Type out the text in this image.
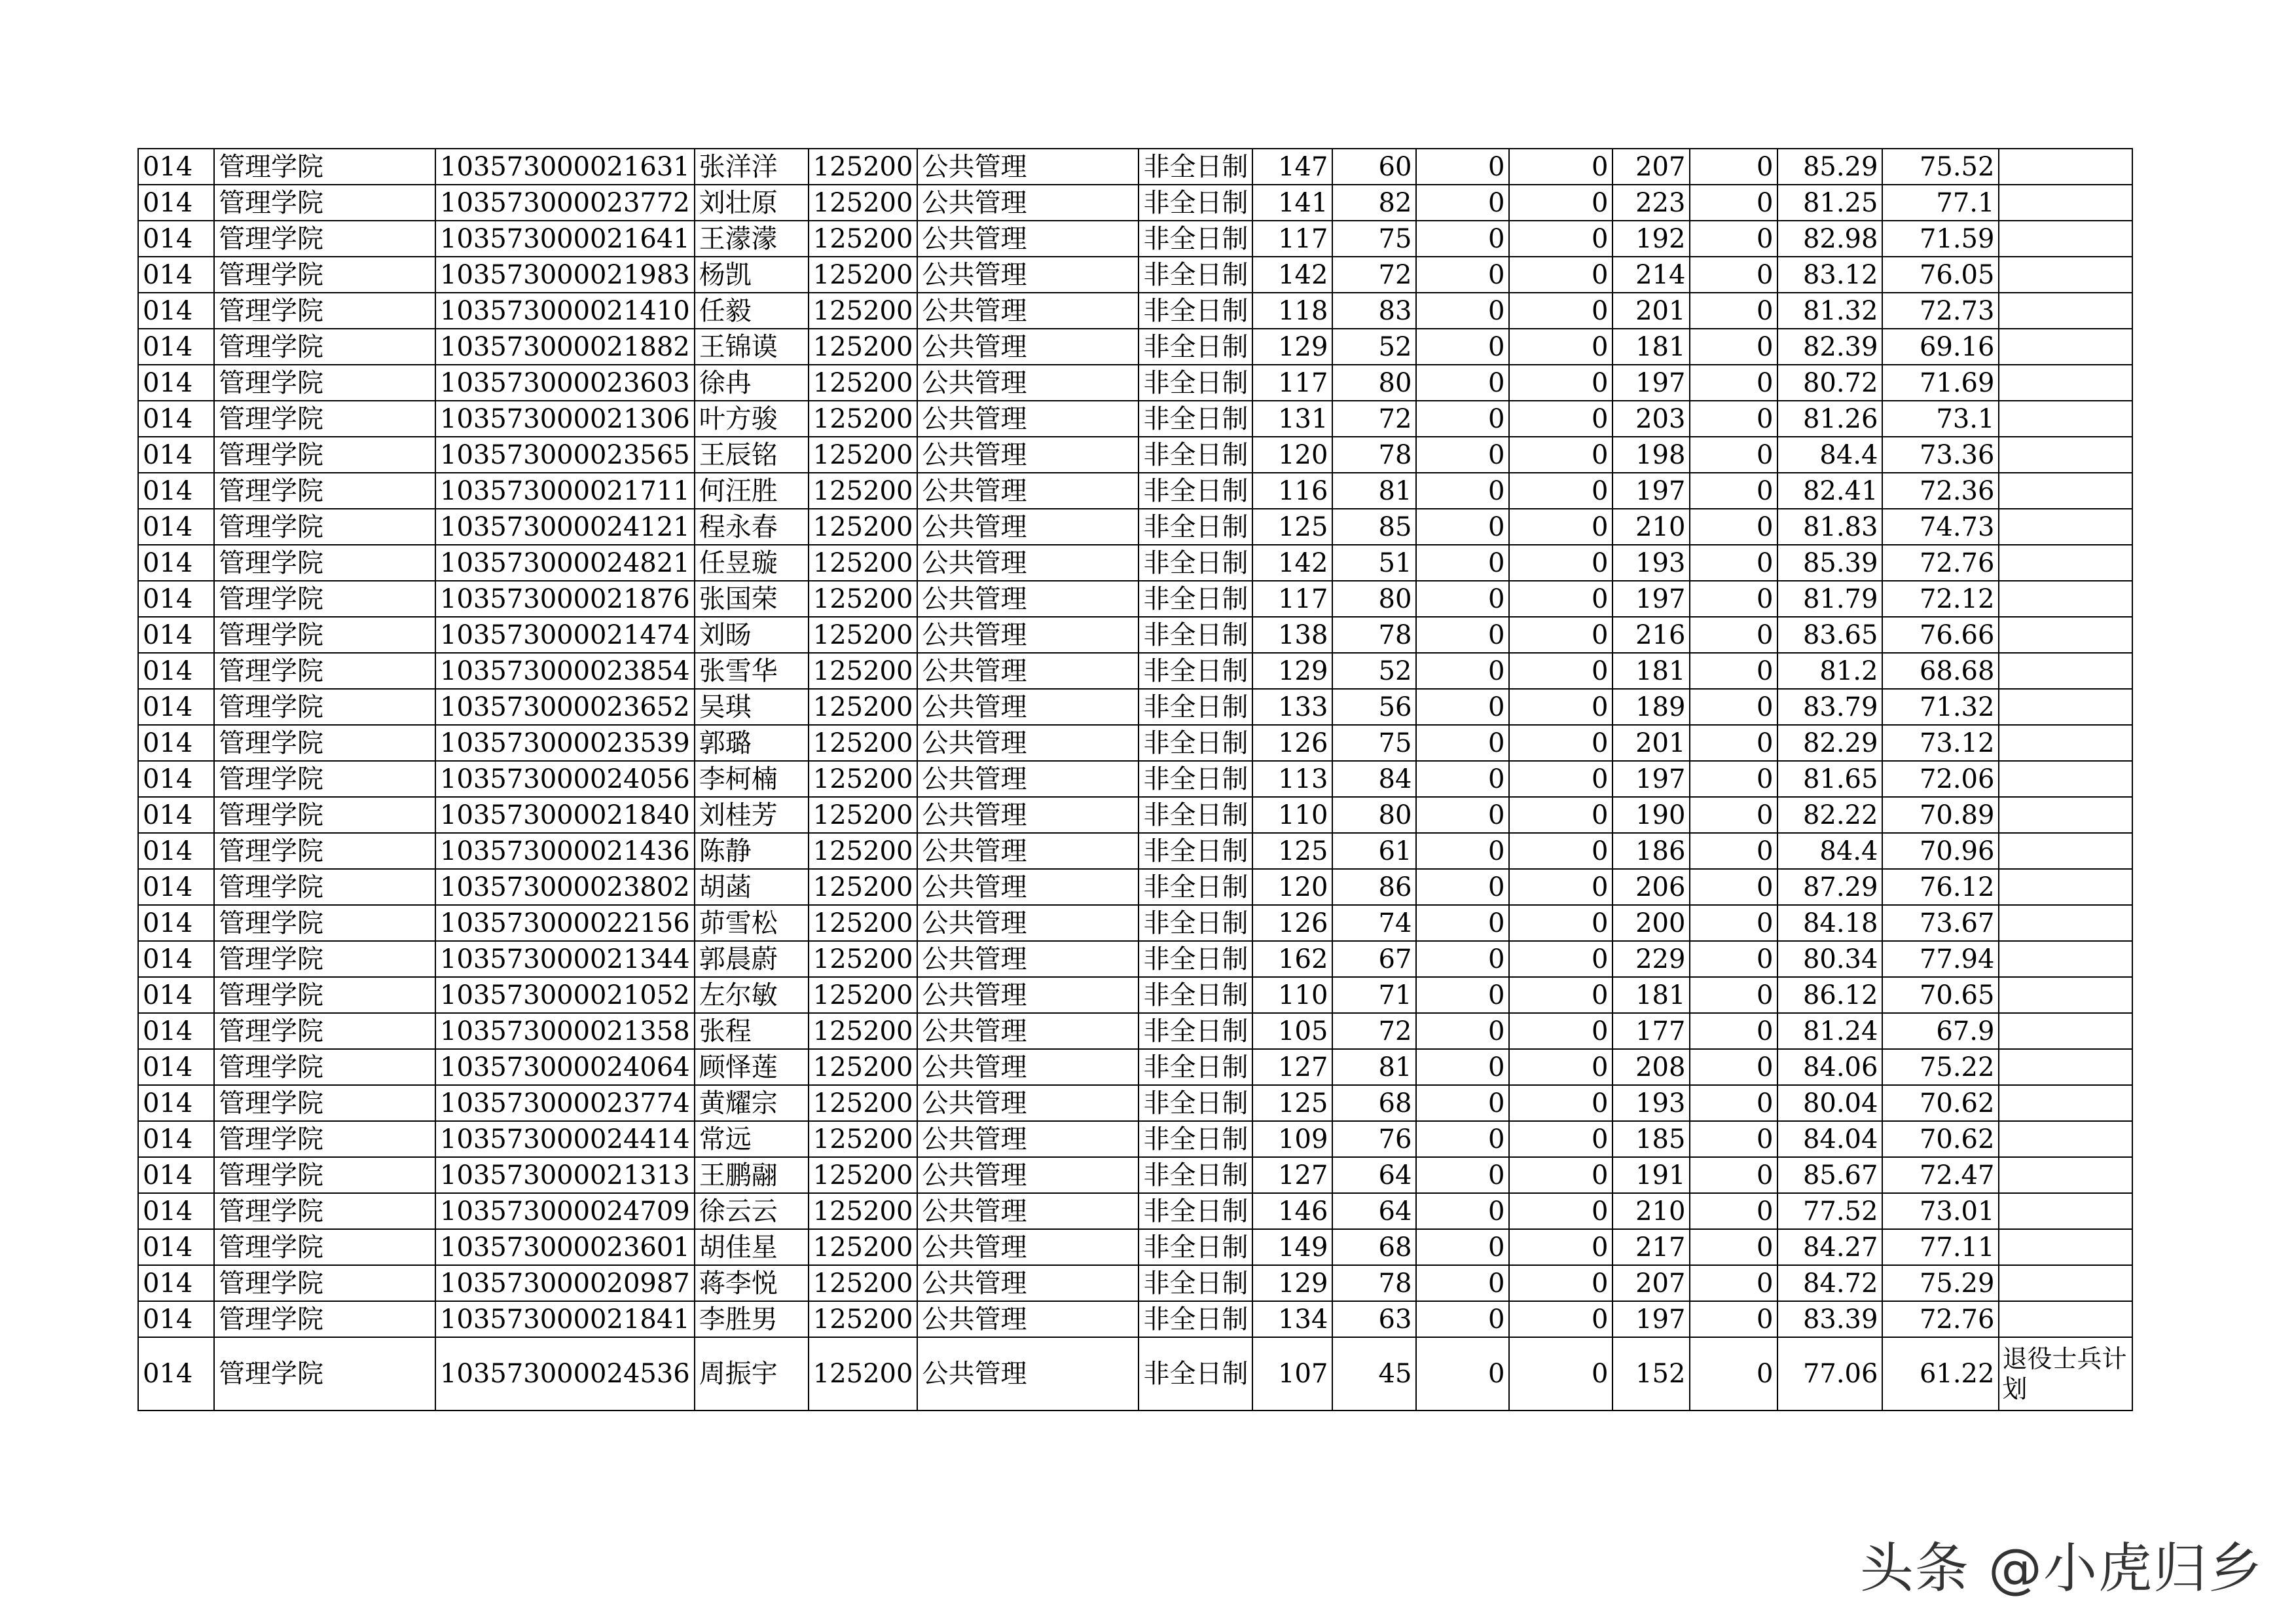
014	管理学院	103573000021631	张洋洋	125200	公共管理	非全日制	147	60	0	0	207	0	85.29	75.52	
014	管理学院	103573000023772	刘壮原	125200	公共管理	非全日制	141	82	0	0	223	0	81.25	77.1	
014	管理学院	103573000021641	王濛濛	125200	公共管理	非全日制	117	75	0	0	192	0	82.98	71.59	
014	管理学院	103573000021983	杨凯	125200	公共管理	非全日制	142	72	0	0	214	0	83.12	76.05	
014	管理学院	103573000021410	任毅	125200	公共管理	非全日制	118	83	0	0	201	0	81.32	72.73	
014	管理学院	103573000021882	王锦谟	125200	公共管理	非全日制	129	52	0	0	181	0	82.39	69.16	
014	管理学院	103573000023603	徐冉	125200	公共管理	非全日制	117	80	0	0	197	0	80.72	71.69	
014	管理学院	103573000021306	叶方骏	125200	公共管理	非全日制	131	72	0	0	203	0	81.26	73.1	
014	管理学院	103573000023565	王辰铭	125200	公共管理	非全日制	120	78	0	0	198	0	84.4	73.36	
014	管理学院	103573000021711	何汪胜	125200	公共管理	非全日制	116	81	0	0	197	0	82.41	72.36	
014	管理学院	103573000024121	程永春	125200	公共管理	非全日制	125	85	0	0	210	0	81.83	74.73	
014	管理学院	103573000024821	任昱璇	125200	公共管理	非全日制	142	51	0	0	193	0	85.39	72.76	
014	管理学院	103573000021876	张国荣	125200	公共管理	非全日制	117	80	0	0	197	0	81.79	72.12	
014	管理学院	103573000021474	刘旸	125200	公共管理	非全日制	138	78	0	0	216	0	83.65	76.66	
014	管理学院	103573000023854	张雪华	125200	公共管理	非全日制	129	52	0	0	181	0	81.2	68.68	
014	管理学院	103573000023652	吴琪	125200	公共管理	非全日制	133	56	0	0	189	0	83.79	71.32	
014	管理学院	103573000023539	郭璐	125200	公共管理	非全日制	126	75	0	0	201	0	82.29	73.12	
014	管理学院	103573000024056	李柯楠	125200	公共管理	非全日制	113	84	0	0	197	0	81.65	72.06	
014	管理学院	103573000021840	刘桂芳	125200	公共管理	非全日制	110	80	0	0	190	0	82.22	70.89	
014	管理学院	103573000021436	陈静	125200	公共管理	非全日制	125	61	0	0	186	0	84.4	70.96	
014	管理学院	103573000023802	胡菡	125200	公共管理	非全日制	120	86	0	0	206	0	87.29	76.12	
014	管理学院	103573000022156	茆雪松	125200	公共管理	非全日制	126	74	0	0	200	0	84.18	73.67	
014	管理学院	103573000021344	郭晨蔚	125200	公共管理	非全日制	162	67	0	0	229	0	80.34	77.94	
014	管理学院	103573000021052	左尔敏	125200	公共管理	非全日制	110	71	0	0	181	0	86.12	70.65	
014	管理学院	103573000021358	张程	125200	公共管理	非全日制	105	72	0	0	177	0	81.24	67.9	
014	管理学院	103573000024064	顾怿莲	125200	公共管理	非全日制	127	81	0	0	208	0	84.06	75.22	
014	管理学院	103573000023774	黄耀宗	125200	公共管理	非全日制	125	68	0	0	193	0	80.04	70.62	
014	管理学院	103573000024414	常远	125200	公共管理	非全日制	109	76	0	0	185	0	84.04	70.62	
014	管理学院	103573000021313	王鹏翮	125200	公共管理	非全日制	127	64	0	0	191	0	85.67	72.47	
014	管理学院	103573000024709	徐云云	125200	公共管理	非全日制	146	64	0	0	210	0	77.52	73.01	
014	管理学院	103573000023601	胡佳星	125200	公共管理	非全日制	149	68	0	0	217	0	84.27	77.11	
014	管理学院	103573000020987	蒋李悦	125200	公共管理	非全日制	129	78	0	0	207	0	84.72	75.29	
014	管理学院	103573000021841	李胜男	125200	公共管理	非全日制	134	63	0	0	197	0	83.39	72.76	
014	管理学院	103573000024536	周振宇	125200	公共管理	非全日制	107	45	0	0	152	0	77.06	61.22	退役士兵计划
头条 @小虎归乡
